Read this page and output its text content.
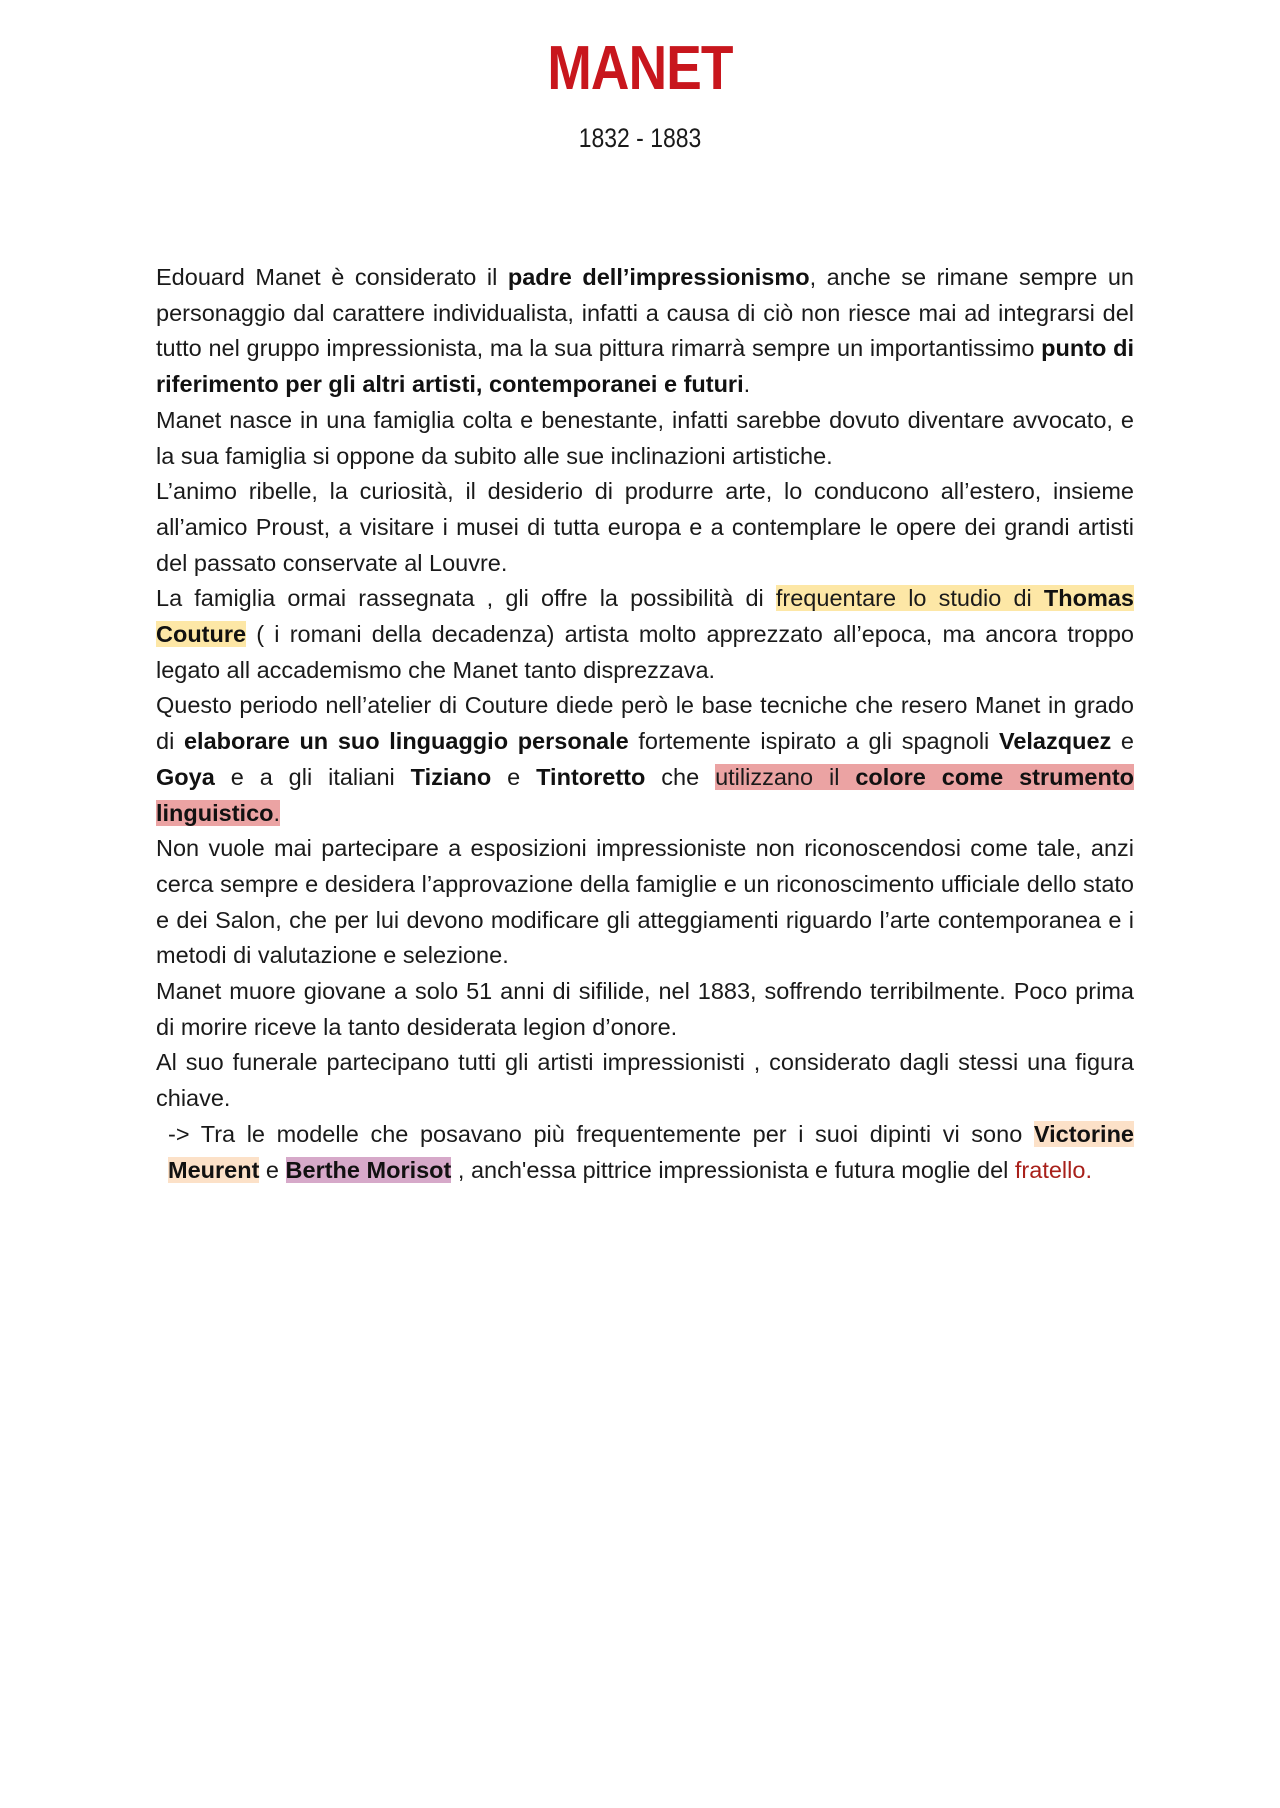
MANET
1832 - 1883

Edouard Manet è considerato il padre dell’impressionismo, anche se rimane sempre un personaggio dal carattere individualista, infatti a causa di ciò non riesce mai ad integrarsi del tutto nel gruppo impressionista, ma la sua pittura rimarrà sempre un importantissimo punto di riferimento per gli altri artisti, contemporanei e futuri.

Manet nasce in una famiglia colta e benestante, infatti sarebbe dovuto diventare avvocato, e la sua famiglia si oppone da subito alle sue inclinazioni artistiche.

L’animo ribelle, la curiosità, il desiderio di produrre arte, lo conducono all’estero, insieme all’amico Proust, a visitare i musei di tutta europa e a contemplare le opere dei grandi artisti del passato conservate al Louvre.

La famiglia ormai rassegnata , gli offre la possibilità di frequentare lo studio di Thomas Couture ( i romani della decadenza) artista molto apprezzato all’epoca, ma ancora troppo legato all accademismo che Manet tanto disprezzava.

Questo periodo nell’atelier di Couture diede però le base tecniche che resero Manet in grado di elaborare un suo linguaggio personale fortemente ispirato a gli spagnoli Velazquez e Goya e a gli italiani Tiziano e Tintoretto che utilizzano il colore come strumento linguistico.

Non vuole mai partecipare a esposizioni impressioniste non riconoscendosi come tale, anzi cerca sempre e desidera l’approvazione della famiglie e un riconoscimento ufficiale dello stato e dei Salon, che per lui devono modificare gli atteggiamenti riguardo l’arte contemporanea e i metodi di valutazione e selezione.

Manet muore giovane a solo 51 anni di sifilide, nel 1883, soffrendo terribilmente. Poco prima di morire riceve la tanto desiderata legion d’onore.

Al suo funerale partecipano tutti gli artisti impressionisti , considerato dagli stessi una figura chiave.

-> Tra le modelle che posavano più frequentemente per i suoi dipinti vi sono Victorine Meurent e Berthe Morisot , anch'essa pittrice impressionista e futura moglie del fratello.
